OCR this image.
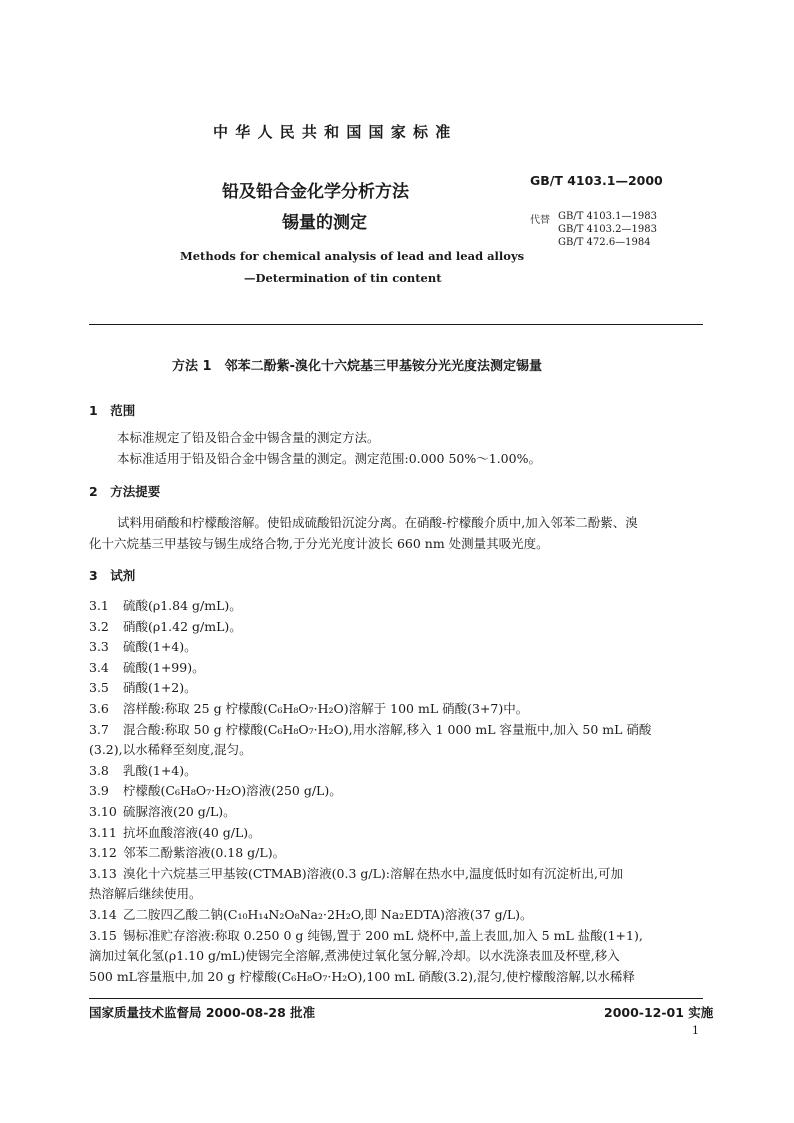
中 华 人 民 共 和 国 国 家 标 准
铅及铅合金化学分析方法
锡量的测定
Methods for chemical analysis of lead and lead alloys
—Determination of tin content
GB/T 4103.1—2000
代替 GB/T 4103.1—1983
GB/T 4103.2—1983
GB/T 472.6—1984
方法 1　邻苯二酚紫-溴化十六烷基三甲基铵分光光度法测定锡量
1　范围
本标准规定了铅及铅合金中锡含量的测定方法。
本标准适用于铅及铅合金中锡含量的测定。测定范围:0.000 50%～1.00%。
2　方法提要
试料用硝酸和柠檬酸溶解。使铅成硫酸铅沉淀分离。在硝酸-柠檬酸介质中,加入邻苯二酚紫、溴
化十六烷基三甲基铵与锡生成络合物,于分光光度计波长 660 nm 处测量其吸光度。
3　试剂
3.1 硫酸(ρ1.84 g/mL)。
3.2 硝酸(ρ1.42 g/mL)。
3.3 硫酸(1+4)。
3.4 硫酸(1+99)。
3.5 硝酸(1+2)。
3.6 溶样酸:称取 25 g 柠檬酸(C₆H₈O₇·H₂O)溶解于 100 mL 硝酸(3+7)中。
3.7 混合酸:称取 50 g 柠檬酸(C₆H₈O₇·H₂O),用水溶解,移入 1 000 mL 容量瓶中,加入 50 mL 硝酸
(3.2),以水稀释至刻度,混匀。
3.8 乳酸(1+4)。
3.9 柠檬酸(C₆H₈O₇·H₂O)溶液(250 g/L)。
3.10 硫脲溶液(20 g/L)。
3.11 抗坏血酸溶液(40 g/L)。
3.12 邻苯二酚紫溶液(0.18 g/L)。
3.13 溴化十六烷基三甲基铵(CTMAB)溶液(0.3 g/L):溶解在热水中,温度低时如有沉淀析出,可加
热溶解后继续使用。
3.14 乙二胺四乙酸二钠(C₁₀H₁₄N₂O₈Na₂·2H₂O,即 Na₂EDTA)溶液(37 g/L)。
3.15 锡标准贮存溶液:称取 0.250 0 g 纯锡,置于 200 mL 烧杯中,盖上表皿,加入 5 mL 盐酸(1+1),
滴加过氧化氢(ρ1.10 g/mL)使锡完全溶解,煮沸使过氧化氢分解,冷却。以水洗涤表皿及杯壁,移入
500 mL容量瓶中,加 20 g 柠檬酸(C₆H₈O₇·H₂O),100 mL 硝酸(3.2),混匀,使柠檬酸溶解,以水稀释
国家质量技术监督局 2000-08-28 批准	2000-12-01 实施
1
